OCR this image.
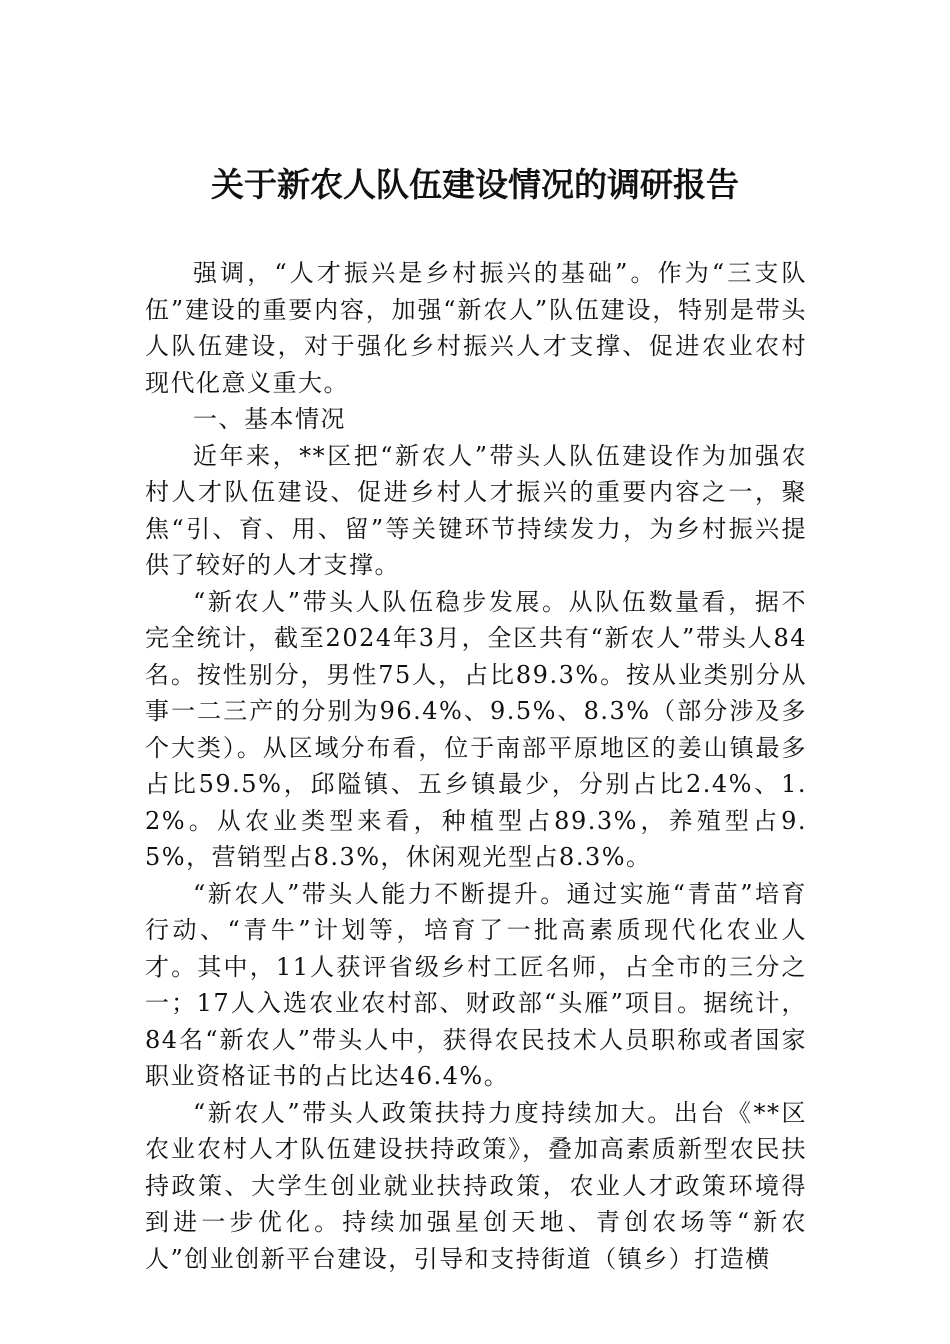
关于新农人队伍建设情况的调研报告

强调，“人才振兴是乡村振兴的基础”。作为“三支队伍”建设的重要内容，加强“新农人”队伍建设，特别是带头人队伍建设，对于强化乡村振兴人才支撑、促进农业农村现代化意义重大。

一、基本情况

近年来，**区把“新农人”带头人队伍建设作为加强农村人才队伍建设、促进乡村人才振兴的重要内容之一，聚焦“引、育、用、留”等关键环节持续发力，为乡村振兴提供了较好的人才支撑。

“新农人”带头人队伍稳步发展。从队伍数量看，据不完全统计，截至2024年3月，全区共有“新农人”带头人84名。按性别分，男性75人，占比89.3%。按从业类别分从事一二三产的分别为96.4%、9.5%、8.3%（部分涉及多个大类）。从区域分布看，位于南部平原地区的姜山镇最多占比59.5%，邱隘镇、五乡镇最少，分别占比2.4%、1.2%。从农业类型来看，种植型占89.3%，养殖型占9.5%，营销型占8.3%，休闲观光型占8.3%。

“新农人”带头人能力不断提升。通过实施“青苗”培育行动、“青牛”计划等，培育了一批高素质现代化农业人才。其中，11人获评省级乡村工匠名师，占全市的三分之一；17人入选农业农村部、财政部“头雁”项目。据统计，84名“新农人”带头人中，获得农民技术人员职称或者国家职业资格证书的占比达46.4%。

“新农人”带头人政策扶持力度持续加大。出台《**区农业农村人才队伍建设扶持政策》，叠加高素质新型农民扶持政策、大学生创业就业扶持政策，农业人才政策环境得到进一步优化。持续加强星创天地、青创农场等“新农人”创业创新平台建设，引导和支持街道（镇乡）打造横
